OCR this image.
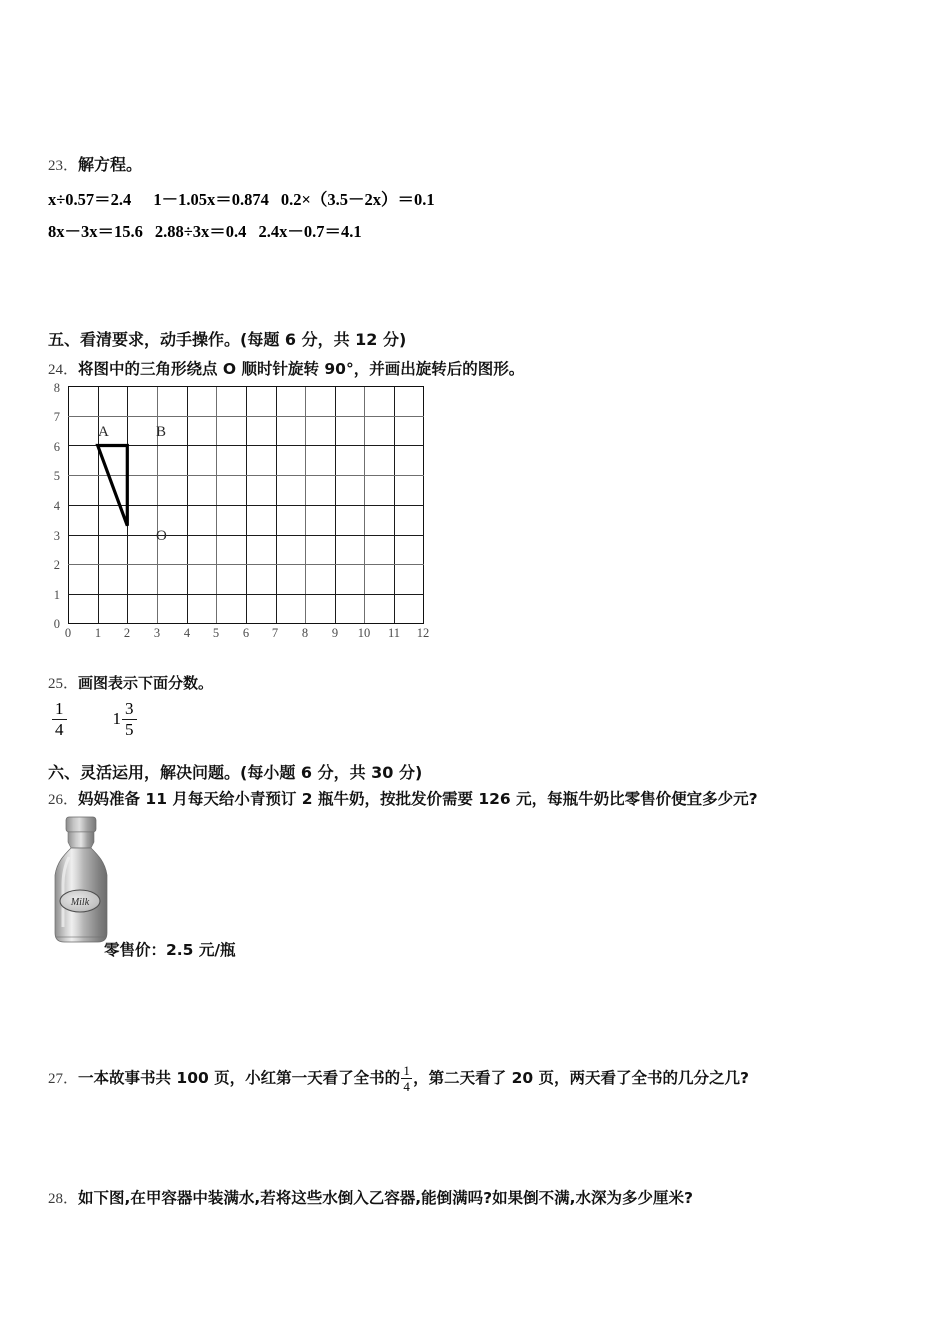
23．解方程。
x÷0.57＝2.4 1－1.05x＝0.874 0.2×（3.5－2x）＝0.1
8x－3x＝15.6 2.88÷3x＝0.4 2.4x－0.7＝4.1
五、看清要求，动手操作。(每题 6 分，共 12 分)
24．将图中的三角形绕点 O 顺时针旋转 90°，并画出旋转后的图形。
A	B
O
0	1	2	3	4	5	6	7	8	9	10 11 12
0
1
2
3
4
5
6
7
8
25．画图表示下面分数。
$\frac{1}{4}$	$1 \frac{3}{5}$
六、灵活运用，解决问题。(每小题 6 分，共 30 分)
26．妈妈准备 11 月每天给小青预订 2 瓶牛奶，按批发价需要 126 元，每瓶牛奶比零售价便宜多少元?
Milk
零售价：2.5 元/瓶
27．一本故事书共 100 页，小红第一天看了全书的 $\frac{1}{4}$ ，第二天看了 20 页，两天看了全书的几分之几?
28．如下图,在甲容器中装满水,若将这些水倒入乙容器,能倒满吗?如果倒不满,水深为多少厘米?
